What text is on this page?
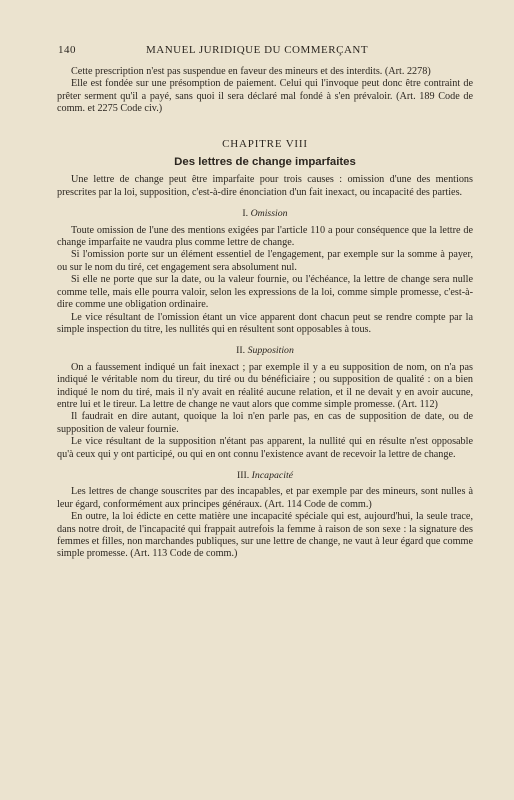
140	MANUEL JURIDIQUE DU COMMERÇANT

Cette prescription n'est pas suspendue en faveur des mineurs et des interdits. (Art. 2278)

Elle est fondée sur une présomption de paiement. Celui qui l'invoque peut donc être contraint de prêter serment qu'il a payé, sans quoi il sera déclaré mal fondé à s'en prévaloir. (Art. 189 Code de comm. et 2275 Code civ.)

CHAPITRE VIII
Des lettres de change imparfaites

Une lettre de change peut être imparfaite pour trois causes : omission d'une des mentions prescrites par la loi, supposition, c'est-à-dire énonciation d'un fait inexact, ou incapacité des parties.

I. Omission

Toute omission de l'une des mentions exigées par l'article 110 a pour conséquence que la lettre de change imparfaite ne vaudra plus comme lettre de change.

Si l'omission porte sur un élément essentiel de l'engagement, par exemple sur la somme à payer, ou sur le nom du tiré, cet engagement sera absolument nul.

Si elle ne porte que sur la date, ou la valeur fournie, ou l'échéance, la lettre de change sera nulle comme telle, mais elle pourra valoir, selon les expressions de la loi, comme simple promesse, c'est-à-dire comme une obligation ordinaire.

Le vice résultant de l'omission étant un vice apparent dont chacun peut se rendre compte par la simple inspection du titre, les nullités qui en résultent sont opposables à tous.

II. Supposition

On a faussement indiqué un fait inexact ; par exemple il y a eu supposition de nom, on n'a pas indiqué le véritable nom du tireur, du tiré ou du bénéficiaire ; ou supposition de qualité : on a bien indiqué le nom du tiré, mais il n'y avait en réalité aucune relation, et il ne devait y en avoir aucune, entre lui et le tireur. La lettre de change ne vaut alors que comme simple promesse. (Art. 112)

Il faudrait en dire autant, quoique la loi n'en parle pas, en cas de supposition de date, ou de supposition de valeur fournie.

Le vice résultant de la supposition n'étant pas apparent, la nullité qui en résulte n'est opposable qu'à ceux qui y ont participé, ou qui en ont connu l'existence avant de recevoir la lettre de change.

III. Incapacité

Les lettres de change souscrites par des incapables, et par exemple par des mineurs, sont nulles à leur égard, conformément aux principes généraux. (Art. 114 Code de comm.)

En outre, la loi édicte en cette matière une incapacité spéciale qui est, aujourd'hui, la seule trace, dans notre droit, de l'incapacité qui frappait autrefois la femme à raison de son sexe : la signature des femmes et filles, non marchandes publiques, sur une lettre de change, ne vaut à leur égard que comme simple promesse. (Art. 113 Code de comm.)
